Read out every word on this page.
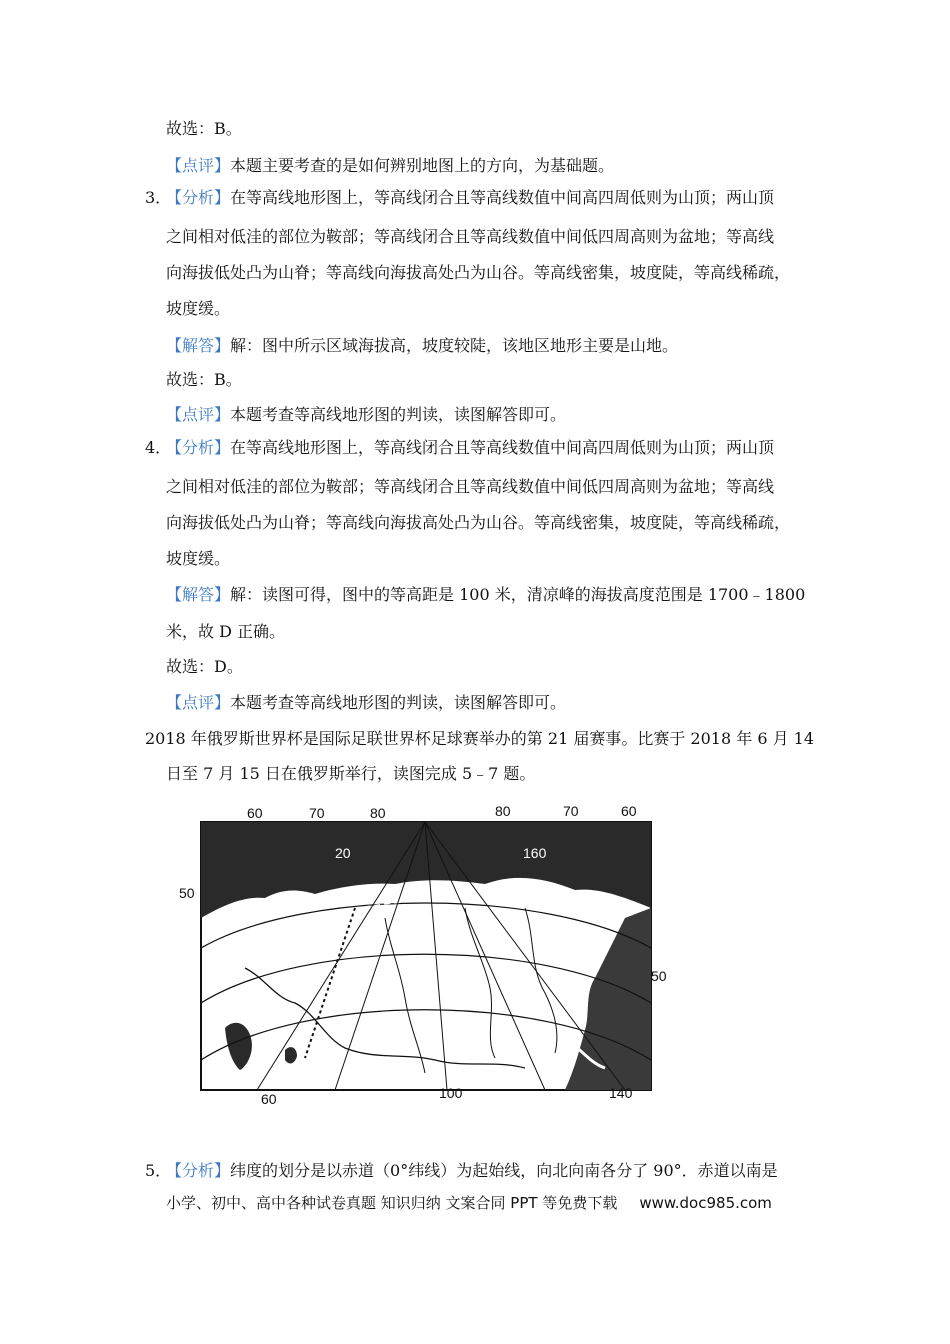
故选：B。
【点评】本题主要考查的是如何辨别地图上的方向，为基础题。
3．
【分析】在等高线地形图上，等高线闭合且等高线数值中间高四周低则为山顶；两山顶
之间相对低洼的部位为鞍部；等高线闭合且等高线数值中间低四周高则为盆地；等高线
向海拔低处凸为山脊；等高线向海拔高处凸为山谷。等高线密集，坡度陡，等高线稀疏，
坡度缓。
【解答】解：图中所示区域海拔高，坡度较陡，该地区地形主要是山地。
故选：B。
【点评】本题考查等高线地形图的判读，读图解答即可。
4．
【分析】在等高线地形图上，等高线闭合且等高线数值中间高四周低则为山顶；两山顶
之间相对低洼的部位为鞍部；等高线闭合且等高线数值中间低四周高则为盆地；等高线
向海拔低处凸为山脊；等高线向海拔高处凸为山谷。等高线密集，坡度陡，等高线稀疏，
坡度缓。
【解答】解：读图可得，图中的等高距是 100 米，清凉峰的海拔高度范围是 1700﹣1800
米，故 D 正确。
故选：D。
【点评】本题考查等高线地形图的判读，读图解答即可。
2018 年俄罗斯世界杯是国际足联世界杯足球赛举办的第 21 届赛事。比赛于 2018 年 6 月 14
日至 7 月 15 日在俄罗斯举行，读图完成 5﹣7 题。
60	70	80	80	70	60
50
50
60	100	140
20	160
5．
【分析】纬度的划分是以赤道（0°纬线）为起始线，向北向南各分了 90°．赤道以南是
小学、初中、高中各种试卷真题 知识归纳 文案合同 PPT 等免费下载 www.doc985.com
